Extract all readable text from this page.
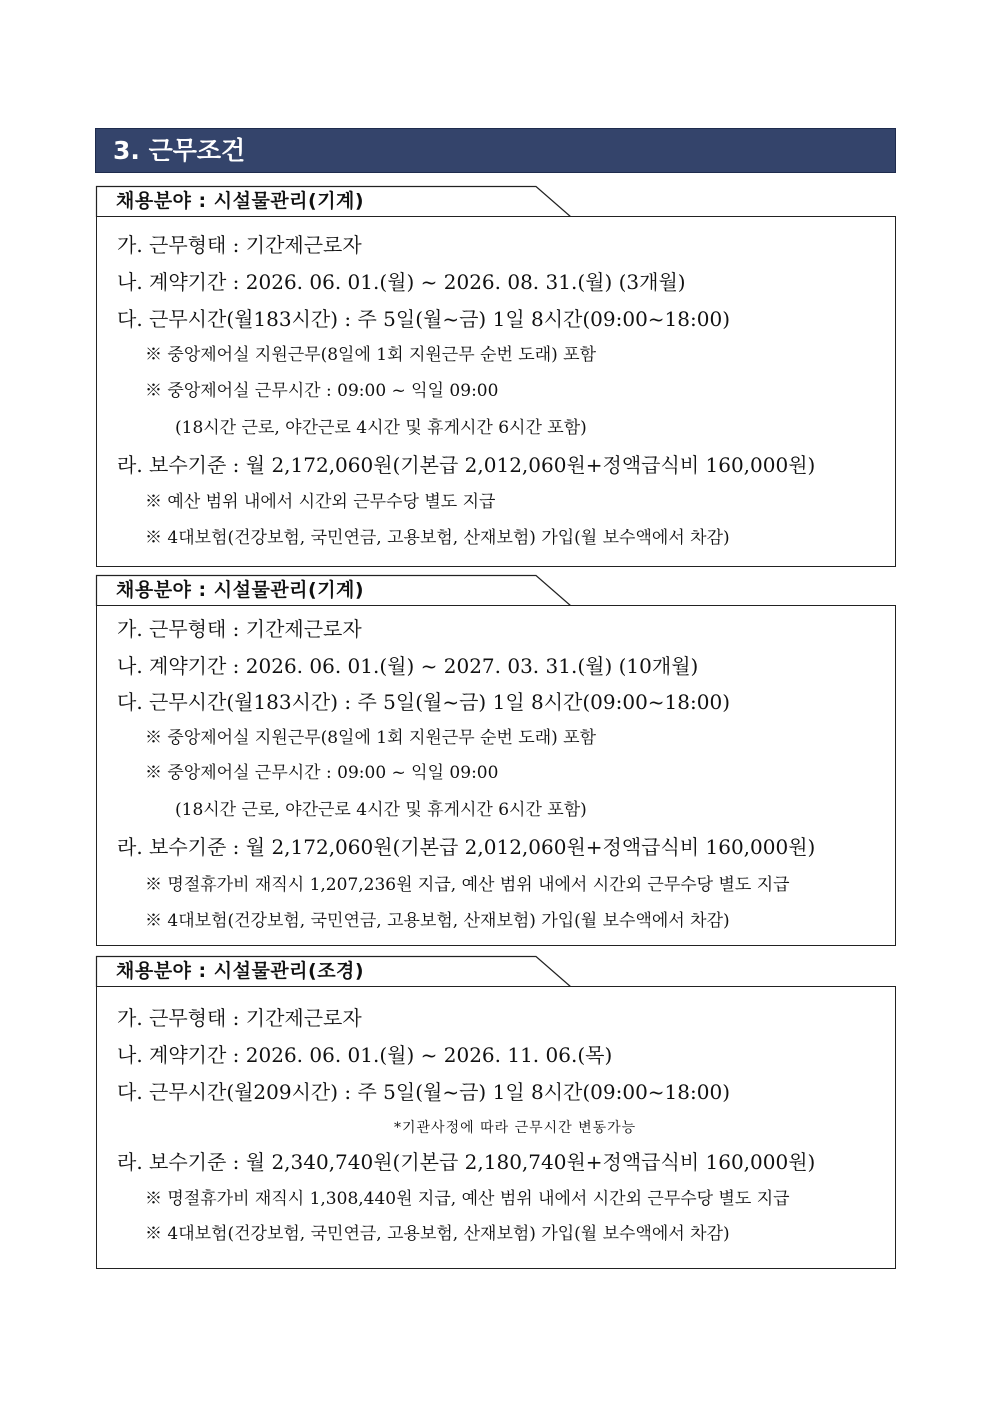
3. 근무조건
채용분야 : 시설물관리(기계)
가. 근무형태 : 기간제근로자
나. 계약기간 : 2026. 06. 01.(월) ~ 2026. 08. 31.(월) (3개월)
다. 근무시간(월183시간) : 주 5일(월~금) 1일 8시간(09:00~18:00)
※ 중앙제어실 지원근무(8일에 1회 지원근무 순번 도래) 포함
※ 중앙제어실 근무시간 : 09:00 ~ 익일 09:00
(18시간 근로, 야간근로 4시간 및 휴게시간 6시간 포함)
라. 보수기준 : 월 2,172,060원(기본급 2,012,060원+정액급식비 160,000원)
※ 예산 범위 내에서 시간외 근무수당 별도 지급
※ 4대보험(건강보험, 국민연금, 고용보험, 산재보험) 가입(월 보수액에서 차감)
채용분야 : 시설물관리(기계)
가. 근무형태 : 기간제근로자
나. 계약기간 : 2026. 06. 01.(월) ~ 2027. 03. 31.(월) (10개월)
다. 근무시간(월183시간) : 주 5일(월~금) 1일 8시간(09:00~18:00)
※ 중앙제어실 지원근무(8일에 1회 지원근무 순번 도래) 포함
※ 중앙제어실 근무시간 : 09:00 ~ 익일 09:00
(18시간 근로, 야간근로 4시간 및 휴게시간 6시간 포함)
라. 보수기준 : 월 2,172,060원(기본급 2,012,060원+정액급식비 160,000원)
※ 명절휴가비 재직시 1,207,236원 지급, 예산 범위 내에서 시간외 근무수당 별도 지급
※ 4대보험(건강보험, 국민연금, 고용보험, 산재보험) 가입(월 보수액에서 차감)
채용분야 : 시설물관리(조경)
가. 근무형태 : 기간제근로자
나. 계약기간 : 2026. 06. 01.(월) ~ 2026. 11. 06.(목)
다. 근무시간(월209시간) : 주 5일(월~금) 1일 8시간(09:00~18:00)
*기관사정에 따라 근무시간 변동가능
라. 보수기준 : 월 2,340,740원(기본급 2,180,740원+정액급식비 160,000원)
※ 명절휴가비 재직시 1,308,440원 지급, 예산 범위 내에서 시간외 근무수당 별도 지급
※ 4대보험(건강보험, 국민연금, 고용보험, 산재보험) 가입(월 보수액에서 차감)
